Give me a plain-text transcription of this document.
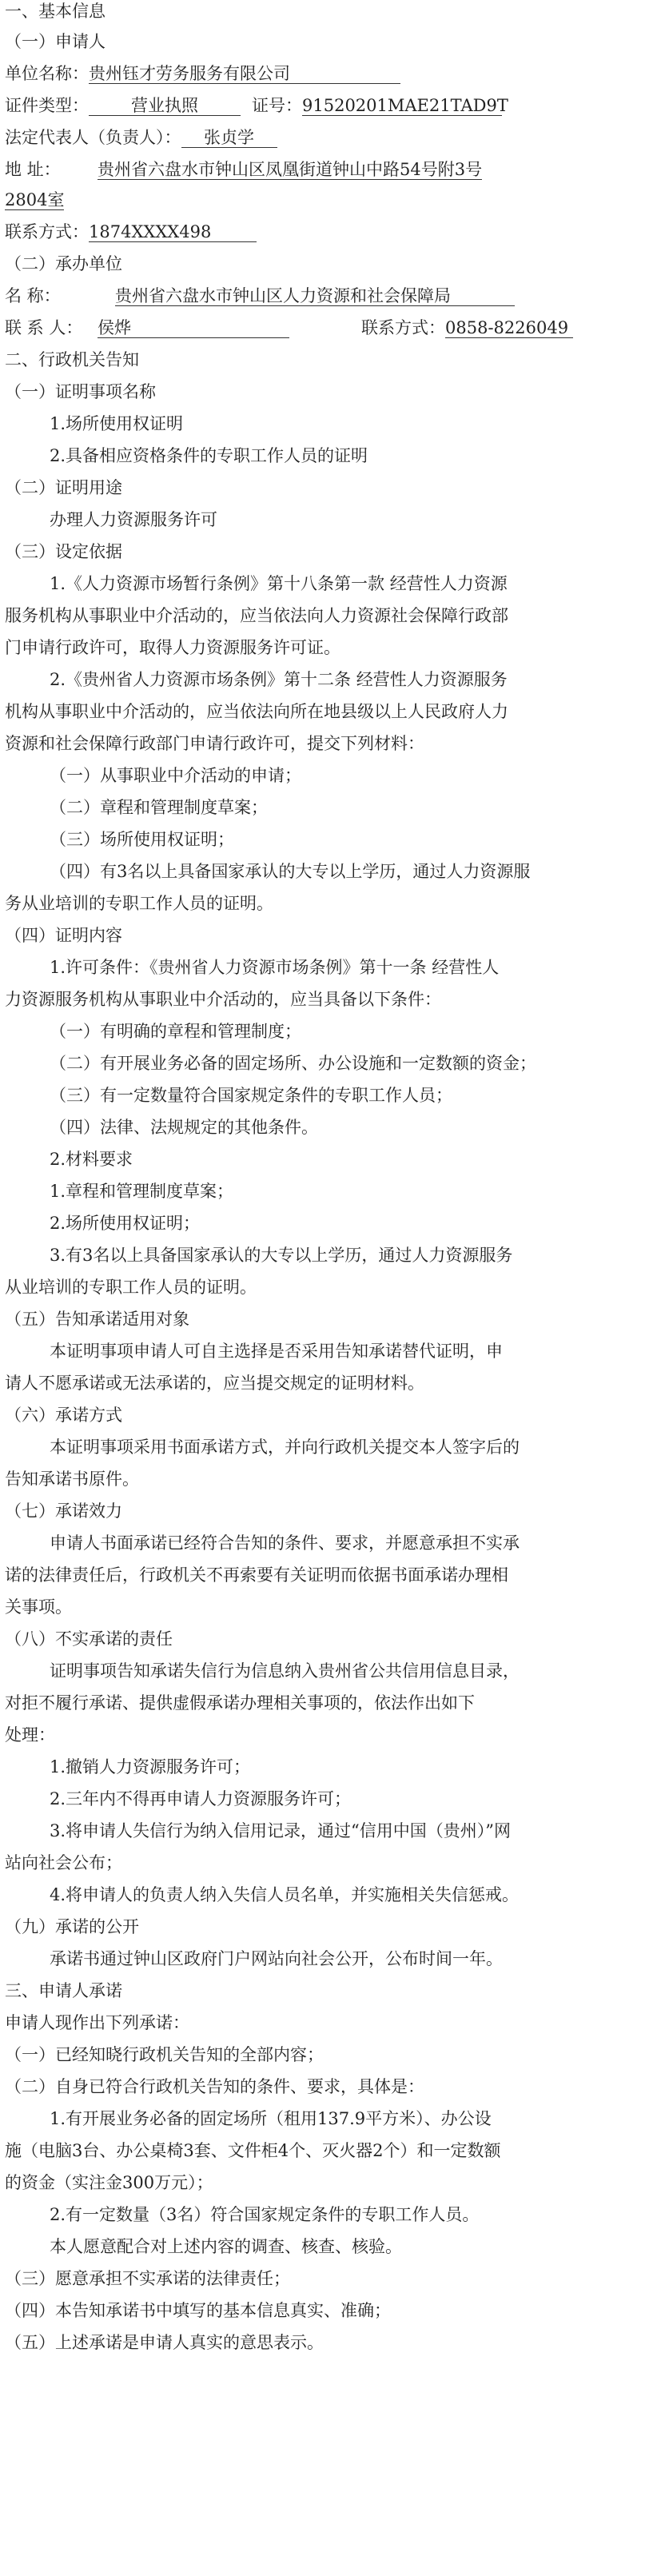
一、基本信息
（一）申请人
单位名称：贵州钰才劳务服务有限公司
证件类型：	营业执照	证号：91520201MAE21TAD9T
法定代表人（负责人）： 张贞学
地 址： 贵州省六盘水市钟山区凤凰街道钟山中路54号附3号
2804室
联系方式：1874XXXX498
（二）承办单位
名 称：	贵州省六盘水市钟山区人力资源和社会保障局
联 系 人： 侯烨	联系方式：0858-8226049
二、行政机关告知
（一）证明事项名称
1.场所使用权证明
2.具备相应资格条件的专职工作人员的证明
（二）证明用途
办理人力资源服务许可
（三）设定依据
1.《人力资源市场暂行条例》第十八条第一款 经营性人力资源
服务机构从事职业中介活动的，应当依法向人力资源社会保障行政部
门申请行政许可，取得人力资源服务许可证。
2.《贵州省人力资源市场条例》第十二条 经营性人力资源服务
机构从事职业中介活动的，应当依法向所在地县级以上人民政府人力
资源和社会保障行政部门申请行政许可，提交下列材料：
（一）从事职业中介活动的申请；
（二）章程和管理制度草案；
（三）场所使用权证明；
（四）有3名以上具备国家承认的大专以上学历，通过人力资源服
务从业培训的专职工作人员的证明。
（四）证明内容
1.许可条件：《贵州省人力资源市场条例》第十一条 经营性人
力资源服务机构从事职业中介活动的，应当具备以下条件：
（一）有明确的章程和管理制度；
（二）有开展业务必备的固定场所、办公设施和一定数额的资金；
（三）有一定数量符合国家规定条件的专职工作人员；
（四）法律、法规规定的其他条件。
2.材料要求
1.章程和管理制度草案；
2.场所使用权证明；
3.有3名以上具备国家承认的大专以上学历，通过人力资源服务
从业培训的专职工作人员的证明。
（五）告知承诺适用对象
本证明事项申请人可自主选择是否采用告知承诺替代证明，申
请人不愿承诺或无法承诺的，应当提交规定的证明材料。
（六）承诺方式
本证明事项采用书面承诺方式，并向行政机关提交本人签字后的
告知承诺书原件。
（七）承诺效力
申请人书面承诺已经符合告知的条件、要求，并愿意承担不实承
诺的法律责任后，行政机关不再索要有关证明而依据书面承诺办理相
关事项。
（八）不实承诺的责任
证明事项告知承诺失信行为信息纳入贵州省公共信用信息目录，
对拒不履行承诺、提供虚假承诺办理相关事项的，依法作出如下
处理：
1.撤销人力资源服务许可；
2.三年内不得再申请人力资源服务许可；
3.将申请人失信行为纳入信用记录，通过“信用中国（贵州）”网
站向社会公布；
4.将申请人的负责人纳入失信人员名单，并实施相关失信惩戒。
（九）承诺的公开
承诺书通过钟山区政府门户网站向社会公开，公布时间一年。
三、申请人承诺
申请人现作出下列承诺：
（一）已经知晓行政机关告知的全部内容；
（二）自身已符合行政机关告知的条件、要求，具体是：
1.有开展业务必备的固定场所（租用137.9平方米）、办公设
施（电脑3台、办公桌椅3套、文件柜4个、灭火器2个）和一定数额
的资金（实注金300万元）；
2.有一定数量（3名）符合国家规定条件的专职工作人员。
本人愿意配合对上述内容的调查、核查、核验。
（三）愿意承担不实承诺的法律责任；
（四）本告知承诺书中填写的基本信息真实、准确；
（五）上述承诺是申请人真实的意思表示。
